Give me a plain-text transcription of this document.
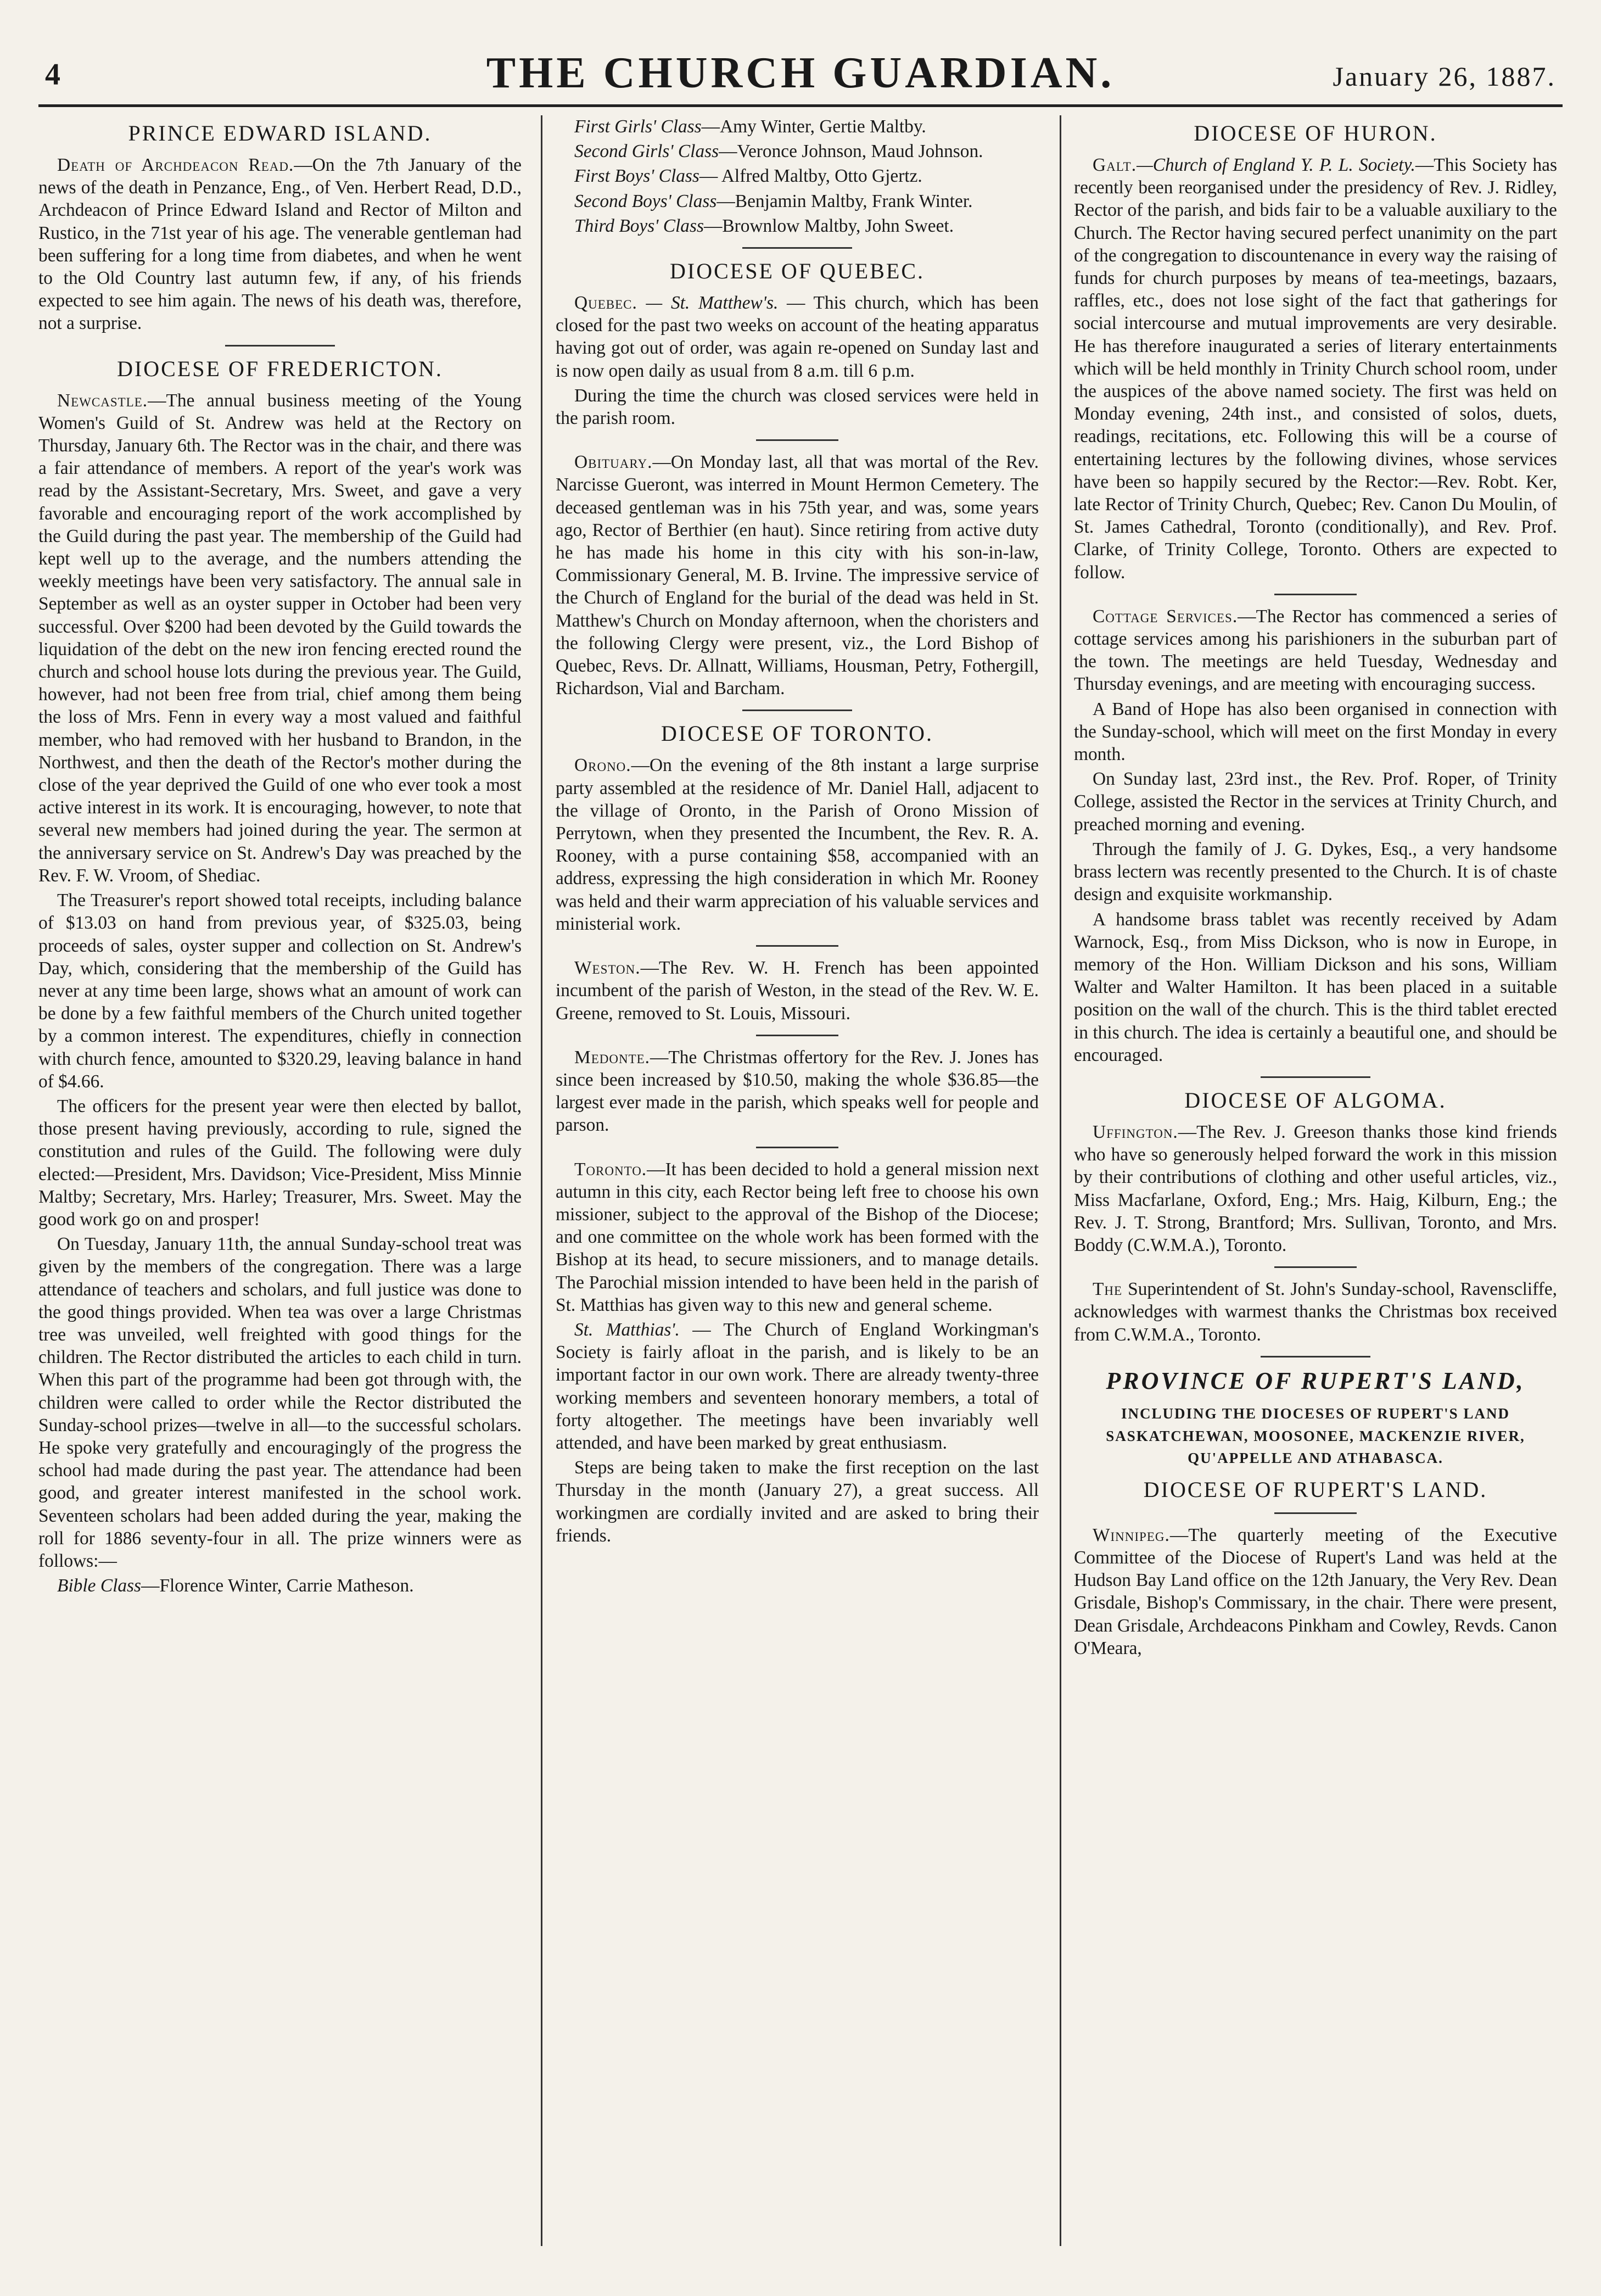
4	THE CHURCH GUARDIAN.	January 26, 1887.
PRINCE EDWARD ISLAND.

Death of Archdeacon Read.—On the 7th January of the news of the death in Penzance, Eng., of Ven. Herbert Read, D.D., Archdeacon of Prince Edward Island and Rector of Milton and Rustico, in the 71st year of his age. The venerable gentleman had been suffering for a long time from diabetes, and when he went to the Old Country last autumn few, if any, of his friends expected to see him again. The news of his death was, therefore, not a surprise.

DIOCESE OF FREDERICTON.

Newcastle.—The annual business meeting of the Young Women's Guild of St. Andrew was held at the Rectory on Thursday, January 6th. The Rector was in the chair, and there was a fair attendance of members. A report of the year's work was read by the Assistant-Secretary, Mrs. Sweet, and gave a very favorable and encouraging report of the work accomplished by the Guild during the past year. The membership of the Guild had kept well up to the average, and the numbers attending the weekly meetings have been very satisfactory. The annual sale in September as well as an oyster supper in October had been very successful. Over $200 had been devoted by the Guild towards the liquidation of the debt on the new iron fencing erected round the church and school house lots during the previous year. The Guild, however, had not been free from trial, chief among them being the loss of Mrs. Fenn in every way a most valued and faithful member, who had removed with her husband to Brandon, in the Northwest, and then the death of the Rector's mother during the close of the year deprived the Guild of one who ever took a most active interest in its work. It is encouraging, however, to note that several new members had joined during the year. The sermon at the anniversary service on St. Andrew's Day was preached by the Rev. F. W. Vroom, of Shediac.

The Treasurer's report showed total receipts, including balance of $13.03 on hand from previous year, of $325.03, being proceeds of sales, oyster supper and collection on St. Andrew's Day, which, considering that the membership of the Guild has never at any time been large, shows what an amount of work can be done by a few faithful members of the Church united together by a common interest. The expenditures, chiefly in connection with church fence, amounted to $320.29, leaving balance in hand of $4.66.

The officers for the present year were then elected by ballot, those present having previously, according to rule, signed the constitution and rules of the Guild. The following were duly elected:—President, Mrs. Davidson; Vice-President, Miss Minnie Maltby; Secretary, Mrs. Harley; Treasurer, Mrs. Sweet. May the good work go on and prosper!

On Tuesday, January 11th, the annual Sunday-school treat was given by the members of the congregation. There was a large attendance of teachers and scholars, and full justice was done to the good things provided. When tea was over a large Christmas tree was unveiled, well freighted with good things for the children. The Rector distributed the articles to each child in turn. When this part of the programme had been got through with, the children were called to order while the Rector distributed the Sunday-school prizes—twelve in all—to the successful scholars. He spoke very gratefully and encouragingly of the progress the school had made during the past year. The attendance had been good, and greater interest manifested in the school work. Seventeen scholars had been added during the year, making the roll for 1886 seventy-four in all. The prize winners were as follows:—

Bible Class—Florence Winter, Carrie Matheson.

First Girls' Class—Amy Winter, Gertie Maltby.

Second Girls' Class—Veronce Johnson, Maud Johnson.

First Boys' Class— Alfred Maltby, Otto Gjertz.

Second Boys' Class—Benjamin Maltby, Frank Winter.

Third Boys' Class—Brownlow Maltby, John Sweet.

DIOCESE OF QUEBEC.

Quebec. — St. Matthew's. — This church, which has been closed for the past two weeks on account of the heating apparatus having got out of order, was again re-opened on Sunday last and is now open daily as usual from 8 a.m. till 6 p.m.

During the time the church was closed services were held in the parish room.

Obituary.—On Monday last, all that was mortal of the Rev. Narcisse Gueront, was interred in Mount Hermon Cemetery. The deceased gentleman was in his 75th year, and was, some years ago, Rector of Berthier (en haut). Since retiring from active duty he has made his home in this city with his son-in-law, Commissionary General, M. B. Irvine. The impressive service of the Church of England for the burial of the dead was held in St. Matthew's Church on Monday afternoon, when the choristers and the following Clergy were present, viz., the Lord Bishop of Quebec, Revs. Dr. Allnatt, Williams, Housman, Petry, Fothergill, Richardson, Vial and Barcham.

DIOCESE OF TORONTO.

Orono.—On the evening of the 8th instant a large surprise party assembled at the residence of Mr. Daniel Hall, adjacent to the village of Oronto, in the Parish of Orono Mission of Perrytown, when they presented the Incumbent, the Rev. R. A. Rooney, with a purse containing $58, accompanied with an address, expressing the high consideration in which Mr. Rooney was held and their warm appreciation of his valuable services and ministerial work.

Weston.—The Rev. W. H. French has been appointed incumbent of the parish of Weston, in the stead of the Rev. W. E. Greene, removed to St. Louis, Missouri.

Medonte.—The Christmas offertory for the Rev. J. Jones has since been increased by $10.50, making the whole $36.85—the largest ever made in the parish, which speaks well for people and parson.

Toronto.—It has been decided to hold a general mission next autumn in this city, each Rector being left free to choose his own missioner, subject to the approval of the Bishop of the Diocese; and one committee on the whole work has been formed with the Bishop at its head, to secure missioners, and to manage details. The Parochial mission intended to have been held in the parish of St. Matthias has given way to this new and general scheme.

St. Matthias'. — The Church of England Workingman's Society is fairly afloat in the parish, and is likely to be an important factor in our own work. There are already twenty-three working members and seventeen honorary members, a total of forty altogether. The meetings have been invariably well attended, and have been marked by great enthusiasm.

Steps are being taken to make the first reception on the last Thursday in the month (January 27), a great success. All workingmen are cordially invited and are asked to bring their friends.

DIOCESE OF HURON.

Galt.—Church of England Y. P. L. Society.—This Society has recently been reorganised under the presidency of Rev. J. Ridley, Rector of the parish, and bids fair to be a valuable auxiliary to the Church. The Rector having secured perfect unanimity on the part of the congregation to discountenance in every way the raising of funds for church purposes by means of tea-meetings, bazaars, raffles, etc., does not lose sight of the fact that gatherings for social intercourse and mutual improvements are very desirable. He has therefore inaugurated a series of literary entertainments which will be held monthly in Trinity Church school room, under the auspices of the above named society. The first was held on Monday evening, 24th inst., and consisted of solos, duets, readings, recitations, etc. Following this will be a course of entertaining lectures by the following divines, whose services have been so happily secured by the Rector:—Rev. Robt. Ker, late Rector of Trinity Church, Quebec; Rev. Canon Du Moulin, of St. James Cathedral, Toronto (conditionally), and Rev. Prof. Clarke, of Trinity College, Toronto. Others are expected to follow.

Cottage Services.—The Rector has commenced a series of cottage services among his parishioners in the suburban part of the town. The meetings are held Tuesday, Wednesday and Thursday evenings, and are meeting with encouraging success.

A Band of Hope has also been organised in connection with the Sunday-school, which will meet on the first Monday in every month.

On Sunday last, 23rd inst., the Rev. Prof. Roper, of Trinity College, assisted the Rector in the services at Trinity Church, and preached morning and evening.

Through the family of J. G. Dykes, Esq., a very handsome brass lectern was recently presented to the Church. It is of chaste design and exquisite workmanship.

A handsome brass tablet was recently received by Adam Warnock, Esq., from Miss Dickson, who is now in Europe, in memory of the Hon. William Dickson and his sons, William Walter and Walter Hamilton. It has been placed in a suitable position on the wall of the church. This is the third tablet erected in this church. The idea is certainly a beautiful one, and should be encouraged.

DIOCESE OF ALGOMA.

Uffington.—The Rev. J. Greeson thanks those kind friends who have so generously helped forward the work in this mission by their contributions of clothing and other useful articles, viz., Miss Macfarlane, Oxford, Eng.; Mrs. Haig, Kilburn, Eng.; the Rev. J. T. Strong, Brantford; Mrs. Sullivan, Toronto, and Mrs. Boddy (C.W.M.A.), Toronto.

The Superintendent of St. John's Sunday-school, Ravenscliffe, acknowledges with warmest thanks the Christmas box received from C.W.M.A., Toronto.

PROVINCE OF RUPERT'S LAND,
INCLUDING THE DIOCESES OF RUPERT'S LAND
SASKATCHEWAN, MOOSONEE, MACKENZIE RIVER,
QU'APPELLE AND ATHABASCA.
DIOCESE OF RUPERT'S LAND.

Winnipeg.—The quarterly meeting of the Executive Committee of the Diocese of Rupert's Land was held at the Hudson Bay Land office on the 12th January, the Very Rev. Dean Grisdale, Bishop's Commissary, in the chair. There were present, Dean Grisdale, Archdeacons Pinkham and Cowley, Revds. Canon O'Meara,
